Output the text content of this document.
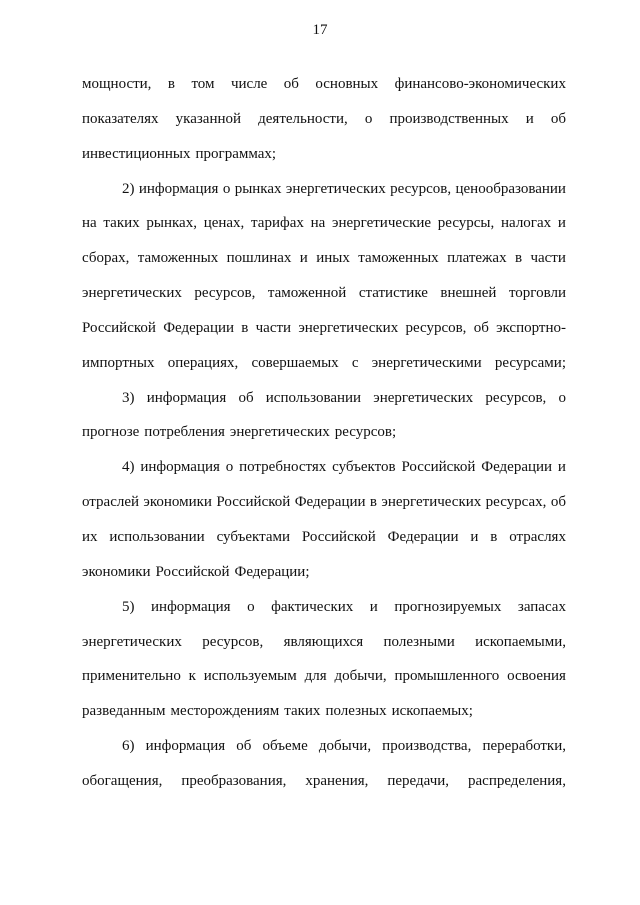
17
мощности, в том числе об основных финансово-экономических
показателях указанной деятельности, о производственных и об
инвестиционных программах;
2) информация о рынках энергетических ресурсов, ценообразовании
на таких рынках, ценах, тарифах на энергетические ресурсы, налогах и
сборах, таможенных пошлинах и иных таможенных платежах в части
энергетических ресурсов, таможенной статистике внешней торговли
Российской Федерации в части энергетических ресурсов, об экспортно-
импортных операциях, совершаемых с энергетическими ресурсами;
3) информация об использовании энергетических ресурсов, о
прогнозе потребления энергетических ресурсов;
4) информация о потребностях субъектов Российской Федерации и
отраслей экономики Российской Федерации в энергетических ресурсах, об
их использовании субъектами Российской Федерации и в отраслях
экономики Российской Федерации;
5) информация о фактических и прогнозируемых запасах
энергетических ресурсов, являющихся полезными ископаемыми,
применительно к используемым для добычи, промышленного освоения
разведанным месторождениям таких полезных ископаемых;
6) информация об объеме добычи, производства, переработки,
обогащения, преобразования, хранения, передачи, распределения,
